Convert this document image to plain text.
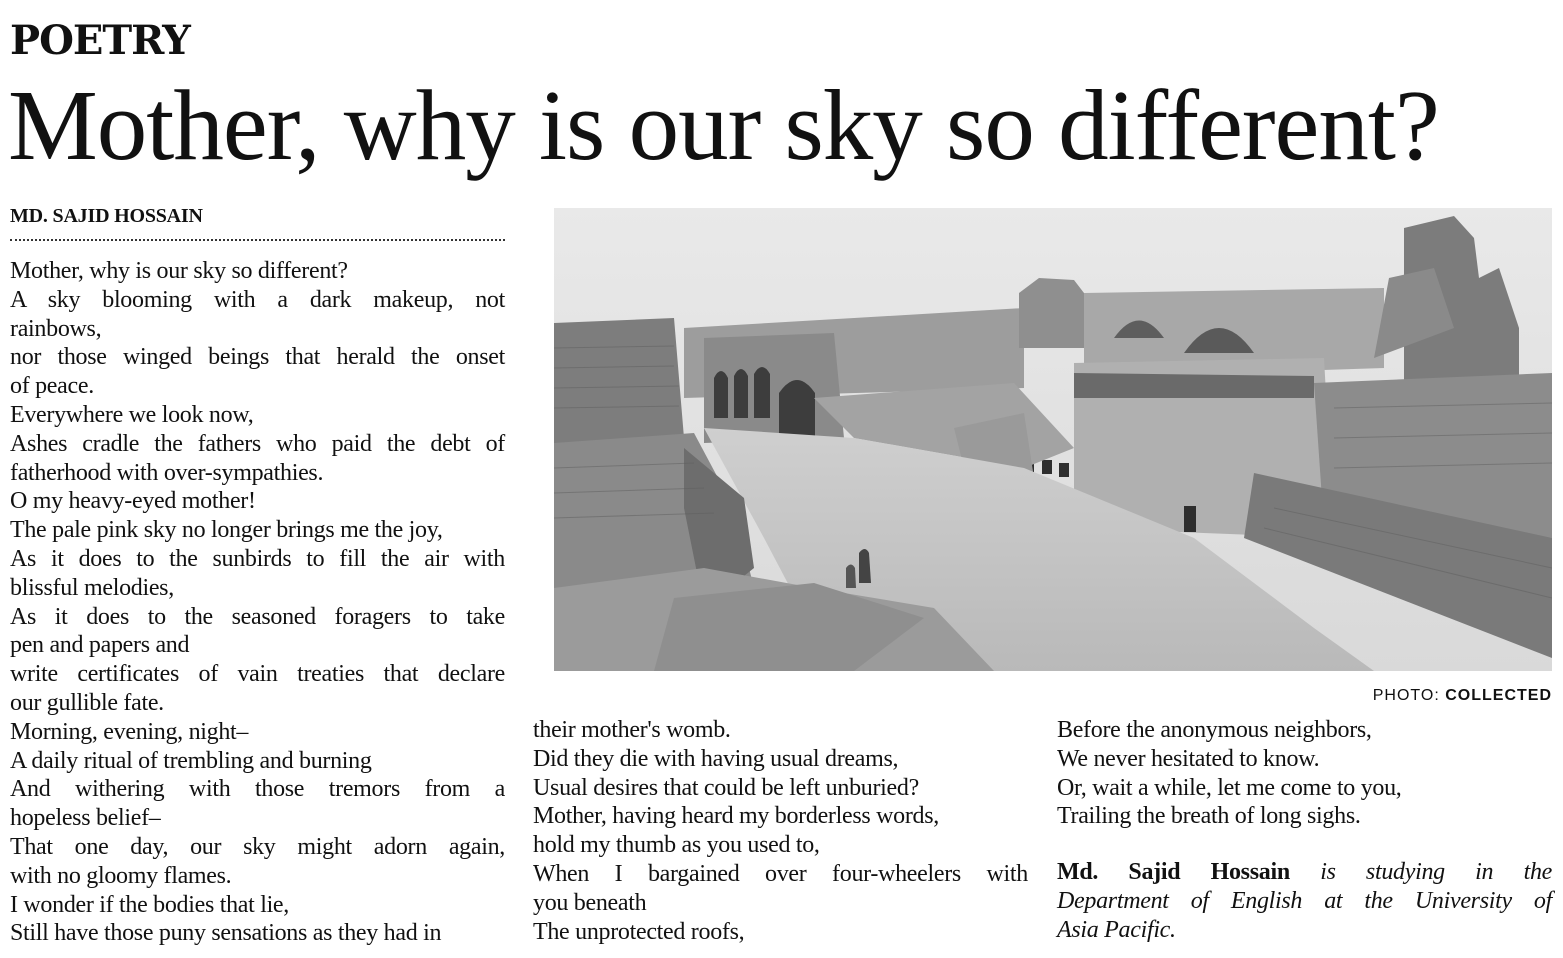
POETRY
Mother, why is our sky so different?
MD. SAJID HOSSAIN
Mother, why is our sky so different?
A sky blooming with a dark makeup, not
rainbows,
nor those winged beings that herald the onset
of peace.
Everywhere we look now,
Ashes cradle the fathers who paid the debt of
fatherhood with over-sympathies.
O my heavy-eyed mother!
The pale pink sky no longer brings me the joy,
As it does to the sunbirds to fill the air with
blissful melodies,
As it does to the seasoned foragers to take
pen and papers and
write certificates of vain treaties that declare
our gullible fate.
Morning, evening, night–
A daily ritual of trembling and burning
And withering with those tremors from a
hopeless belief–
That one day, our sky might adorn again,
with no gloomy flames.
I wonder if the bodies that lie,
Still have those puny sensations as they had in
PHOTO: COLLECTED
their mother's womb.
Did they die with having usual dreams,
Usual desires that could be left unburied?
Mother, having heard my borderless words,
hold my thumb as you used to,
When I bargained over four-wheelers with
you beneath
The unprotected roofs,
Before the anonymous neighbors,
We never hesitated to know.
Or, wait a while, let me come to you,
Trailing the breath of long sighs.
Md. Sajid Hossain is studying in the
Department of English at the University of
Asia Pacific.
